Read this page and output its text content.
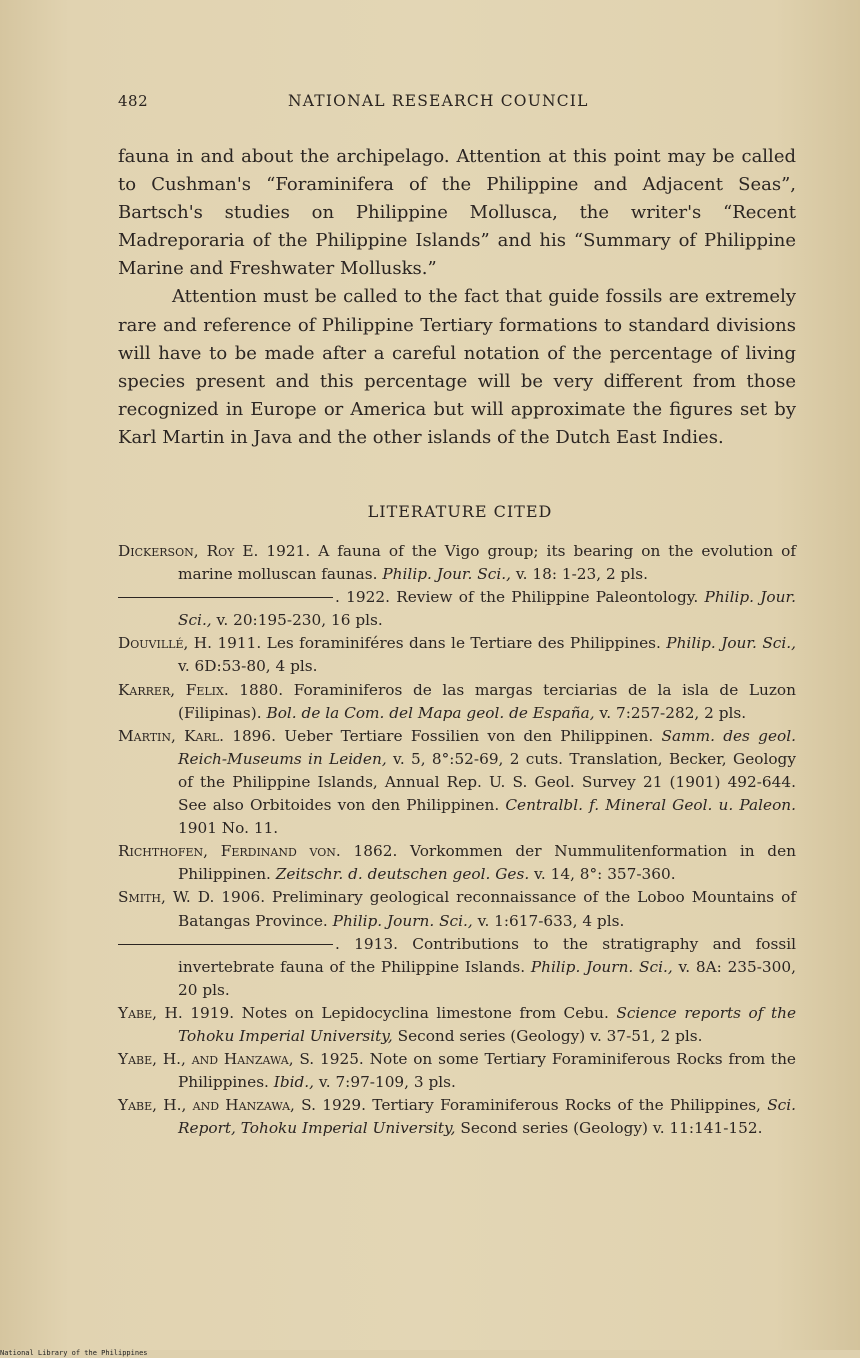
482	NATIONAL RESEARCH COUNCIL

fauna in and about the archipelago. Attention at this point may be called to Cushman's “Foraminifera of the Philippine and Adjacent Seas”, Bartsch's studies on Philippine Mollusca, the writer's “Recent Madreporaria of the Philippine Islands” and his “Summary of Philippine Marine and Freshwater Mollusks.”

Attention must be called to the fact that guide fossils are extremely rare and reference of Philippine Tertiary formations to standard divisions will have to be made after a careful notation of the percentage of living species present and this percentage will be very different from those recognized in Europe or America but will approximate the figures set by Karl Martin in Java and the other islands of the Dutch East Indies.

LITERATURE CITED

Dickerson, Roy E. 1921. A fauna of the Vigo group; its bearing on the evolution of marine molluscan faunas. Philip. Jour. Sci., v. 18: 1-23, 2 pls.

. 1922. Review of the Philippine Paleontology. Philip. Jour. Sci., v. 20:195-230, 16 pls.

Douvillé, H. 1911. Les foraminiféres dans le Tertiare des Philippines. Philip. Jour. Sci., v. 6D:53-80, 4 pls.

Karrer, Felix. 1880. Foraminiferos de las margas terciarias de la isla de Luzon (Filipinas). Bol. de la Com. del Mapa geol. de España, v. 7:257-282, 2 pls.

Martin, Karl. 1896. Ueber Tertiare Fossilien von den Philippinen. Samm. des geol. Reich-Museums in Leiden, v. 5, 8°:52-69, 2 cuts. Translation, Becker, Geology of the Philippine Islands, Annual Rep. U. S. Geol. Survey 21 (1901) 492-644. See also Orbitoides von den Philippinen. Centralbl. f. Mineral Geol. u. Paleon. 1901 No. 11.

Richthofen, Ferdinand von. 1862. Vorkommen der Nummulitenformation in den Philippinen. Zeitschr. d. deutschen geol. Ges. v. 14, 8°: 357-360.

Smith, W. D. 1906. Preliminary geological reconnaissance of the Loboo Mountains of Batangas Province. Philip. Journ. Sci., v. 1:617-633, 4 pls.

. 1913. Contributions to the stratigraphy and fossil invertebrate fauna of the Philippine Islands. Philip. Journ. Sci., v. 8A: 235-300, 20 pls.

Yabe, H. 1919. Notes on Lepidocyclina limestone from Cebu. Science reports of the Tohoku Imperial University, Second series (Geology) v. 37-51, 2 pls.

Yabe, H., and Hanzawa, S. 1925. Note on some Tertiary Foraminiferous Rocks from the Philippines. Ibid., v. 7:97-109, 3 pls.

Yabe, H., and Hanzawa, S. 1929. Tertiary Foraminiferous Rocks of the Philippines, Sci. Report, Tohoku Imperial University, Second series (Geology) v. 11:141-152.

National Library of the Philippines
